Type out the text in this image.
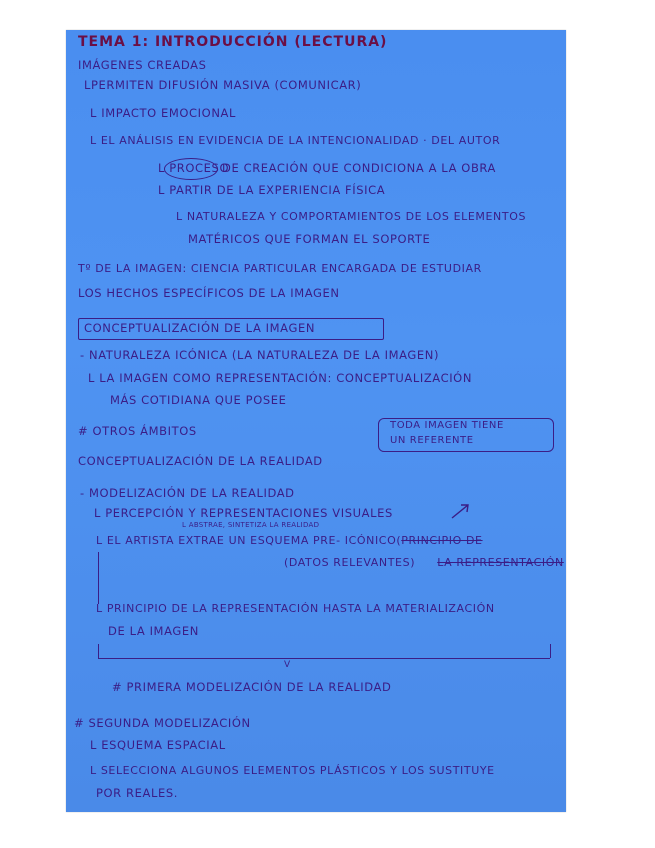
TEMA 1: INTRODUCCIÓN (LECTURA)

IMÁGENES CREADAS

LPERMITEN DIFUSIÓN MASIVA (COMUNICAR)

L IMPACTO EMOCIONAL

L EL ANÁLISIS EN EVIDENCIA DE LA INTENCIONALIDAD · DEL AUTOR

L PROCESO

DE CREACIÓN QUE CONDICIONA A LA OBRA

L PARTIR DE LA EXPERIENCIA FÍSICA

L NATURALEZA Y COMPORTAMIENTOS DE LOS ELEMENTOS

MATÉRICOS QUE FORMAN EL SOPORTE

Tº DE LA IMAGEN: CIENCIA PARTICULAR ENCARGADA DE ESTUDIAR

LOS HECHOS ESPECÍFICOS DE LA IMAGEN

CONCEPTUALIZACIÓN DE LA IMAGEN

- NATURALEZA ICÓNICA (LA NATURALEZA DE LA IMAGEN)

L LA IMAGEN COMO REPRESENTACIÓN: CONCEPTUALIZACIÓN

MÁS COTIDIANA QUE POSEE

# OTROS ÁMBITOS	TODA IMAGEN TIENE

UN REFERENTE

CONCEPTUALIZACIÓN DE LA REALIDAD

- MODELIZACIÓN DE LA REALIDAD

L PERCEPCIÓN Y REPRESENTACIONES VISUALES

L ABSTRAE, SINTETIZA LA REALIDAD

L EL ARTISTA EXTRAE UN ESQUEMA PRE- ICÓNICO(PRINCIPIO DE

(DATOS RELEVANTES) LA REPRESENTACIÓN

L PRINCIPIO DE LA REPRESENTACIÓN HASTA LA MATERIALIZACIÓN

DE LA IMAGEN

V

# PRIMERA MODELIZACIÓN DE LA REALIDAD

# SEGUNDA MODELIZACIÓN

L ESQUEMA ESPACIAL

L SELECCIONA ALGUNOS ELEMENTOS PLÁSTICOS Y LOS SUSTITUYE

POR REALES.
